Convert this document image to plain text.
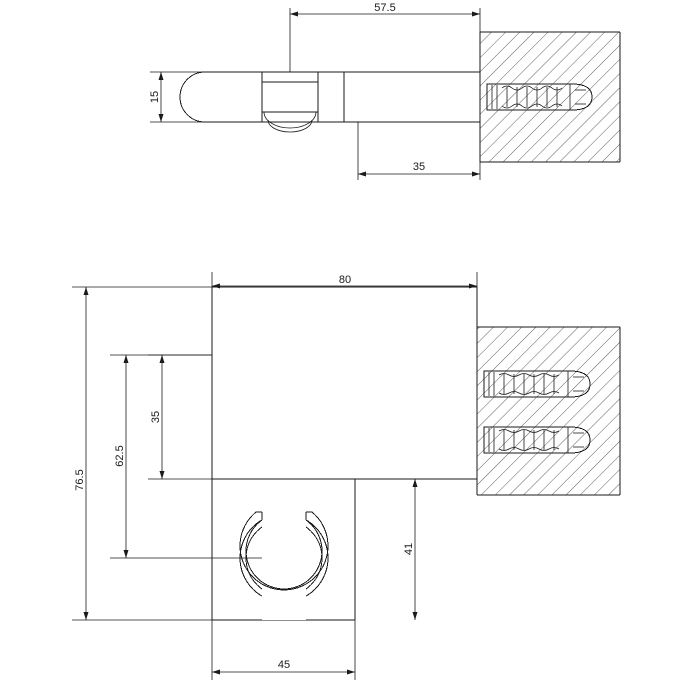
57.5
15
35
80
35
62.5
76.5
41
45
